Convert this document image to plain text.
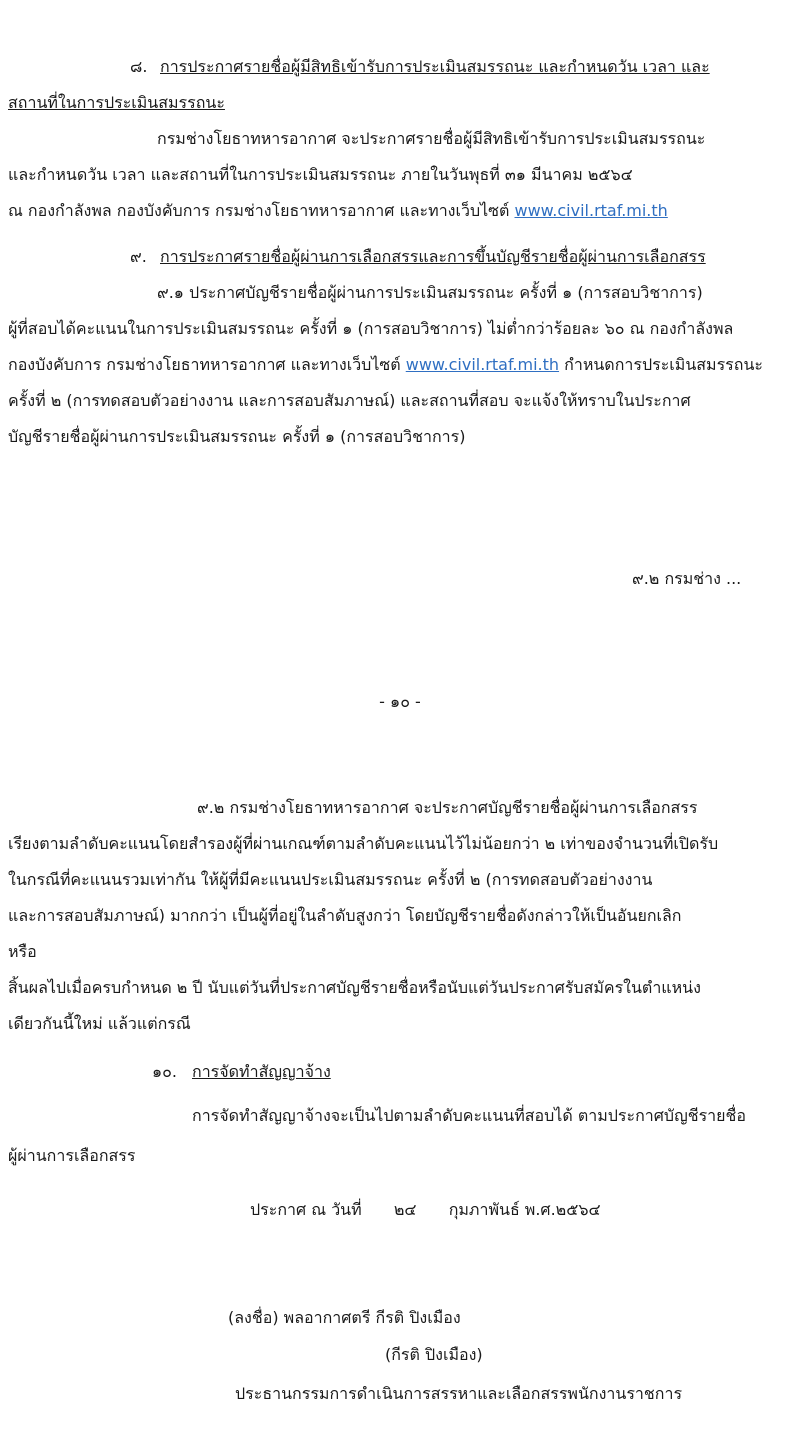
๘. การประกาศรายชื่อผู้มีสิทธิเข้ารับการประเมินสมรรถนะ และกำหนดวัน เวลา และ
สถานที่ในการประเมินสมรรถนะ
กรมช่างโยธาทหารอากาศ จะประกาศรายชื่อผู้มีสิทธิเข้ารับการประเมินสมรรถนะ
และกำหนดวัน เวลา และสถานที่ในการประเมินสมรรถนะ ภายในวันพุธที่ ๓๑ มีนาคม ๒๕๖๔
ณ กองกำลังพล กองบังคับการ กรมช่างโยธาทหารอากาศ และทางเว็บไซต์ www.civil.rtaf.mi.th
๙. การประกาศรายชื่อผู้ผ่านการเลือกสรรและการขึ้นบัญชีรายชื่อผู้ผ่านการเลือกสรร
๙.๑ ประกาศบัญชีรายชื่อผู้ผ่านการประเมินสมรรถนะ ครั้งที่ ๑ (การสอบวิชาการ)
ผู้ที่สอบได้คะแนนในการประเมินสมรรถนะ ครั้งที่ ๑ (การสอบวิชาการ) ไม่ต่ำกว่าร้อยละ ๖๐ ณ กองกำลังพล
กองบังคับการ กรมช่างโยธาทหารอากาศ และทางเว็บไซต์ www.civil.rtaf.mi.th กำหนดการประเมินสมรรถนะ
ครั้งที่ ๒ (การทดสอบตัวอย่างงาน และการสอบสัมภาษณ์) และสถานที่สอบ จะแจ้งให้ทราบในประกาศ
บัญชีรายชื่อผู้ผ่านการประเมินสมรรถนะ ครั้งที่ ๑ (การสอบวิชาการ)
๙.๒ กรมช่าง ...
- ๑๐ -
๙.๒ กรมช่างโยธาทหารอากาศ จะประกาศบัญชีรายชื่อผู้ผ่านการเลือกสรร
เรียงตามลำดับคะแนนโดยสำรองผู้ที่ผ่านเกณฑ์ตามลำดับคะแนนไว้ไม่น้อยกว่า ๒ เท่าของจำนวนที่เปิดรับ
ในกรณีที่คะแนนรวมเท่ากัน ให้ผู้ที่มีคะแนนประเมินสมรรถนะ ครั้งที่ ๒ (การทดสอบตัวอย่างงาน
และการสอบสัมภาษณ์) มากกว่า เป็นผู้ที่อยู่ในลำดับสูงกว่า โดยบัญชีรายชื่อดังกล่าวให้เป็นอันยกเลิก
หรือ
สิ้นผลไปเมื่อครบกำหนด ๒ ปี นับแต่วันที่ประกาศบัญชีรายชื่อหรือนับแต่วันประกาศรับสมัครในตำแหน่ง
เดียวกันนี้ใหม่ แล้วแต่กรณี
๑๐. การจัดทำสัญญาจ้าง
การจัดทำสัญญาจ้างจะเป็นไปตามลำดับคะแนนที่สอบได้ ตามประกาศบัญชีรายชื่อ
ผู้ผ่านการเลือกสรร
ประกาศ ณ วันที่ ๒๔ กุมภาพันธ์ พ.ศ.๒๕๖๔
(ลงชื่อ) พลอากาศตรี กีรติ ปิงเมือง
(กีรติ ปิงเมือง)
ประธานกรรมการดำเนินการสรรหาและเลือกสรรพนักงานราชการ
